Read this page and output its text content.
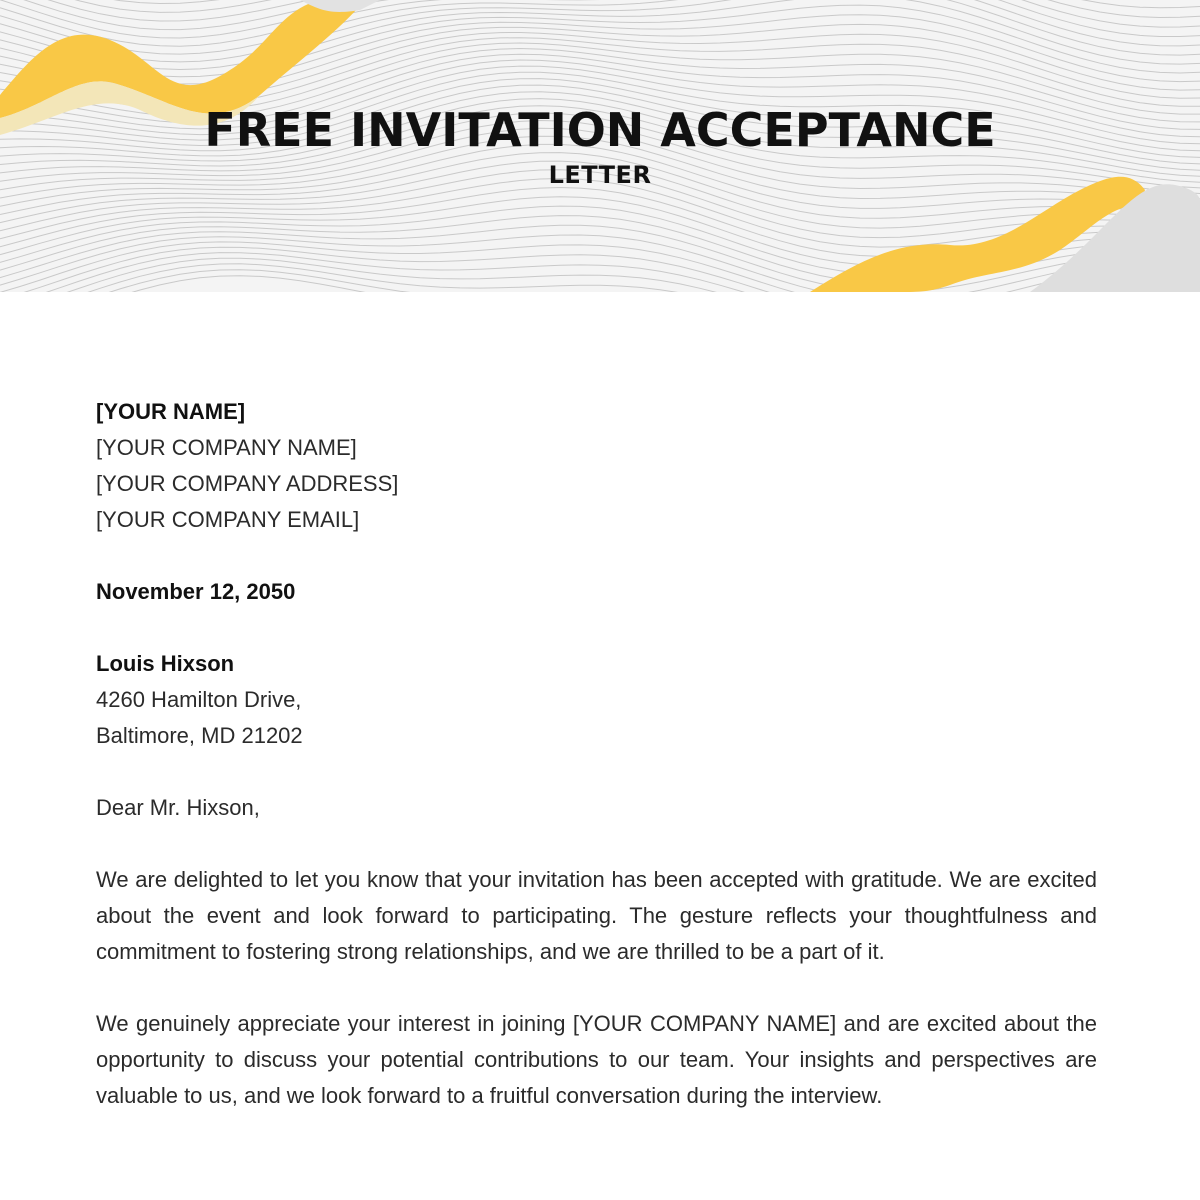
FREE INVITATION ACCEPTANCE

LETTER

[YOUR NAME]
[YOUR COMPANY NAME]
[YOUR COMPANY ADDRESS]
[YOUR COMPANY EMAIL]
November 12, 2050
Louis Hixson
4260 Hamilton Drive,
Baltimore, MD 21202
Dear Mr. Hixson,

We are delighted to let you know that your invitation has been accepted with gratitude. We are excited about the event and look forward to participating. The gesture reflects your thoughtfulness and commitment to fostering strong relationships, and we are thrilled to be a part of it.

We genuinely appreciate your interest in joining [YOUR COMPANY NAME] and are excited about the opportunity to discuss your potential contributions to our team. Your insights and perspectives are valuable to us, and we look forward to a fruitful conversation during the interview.
